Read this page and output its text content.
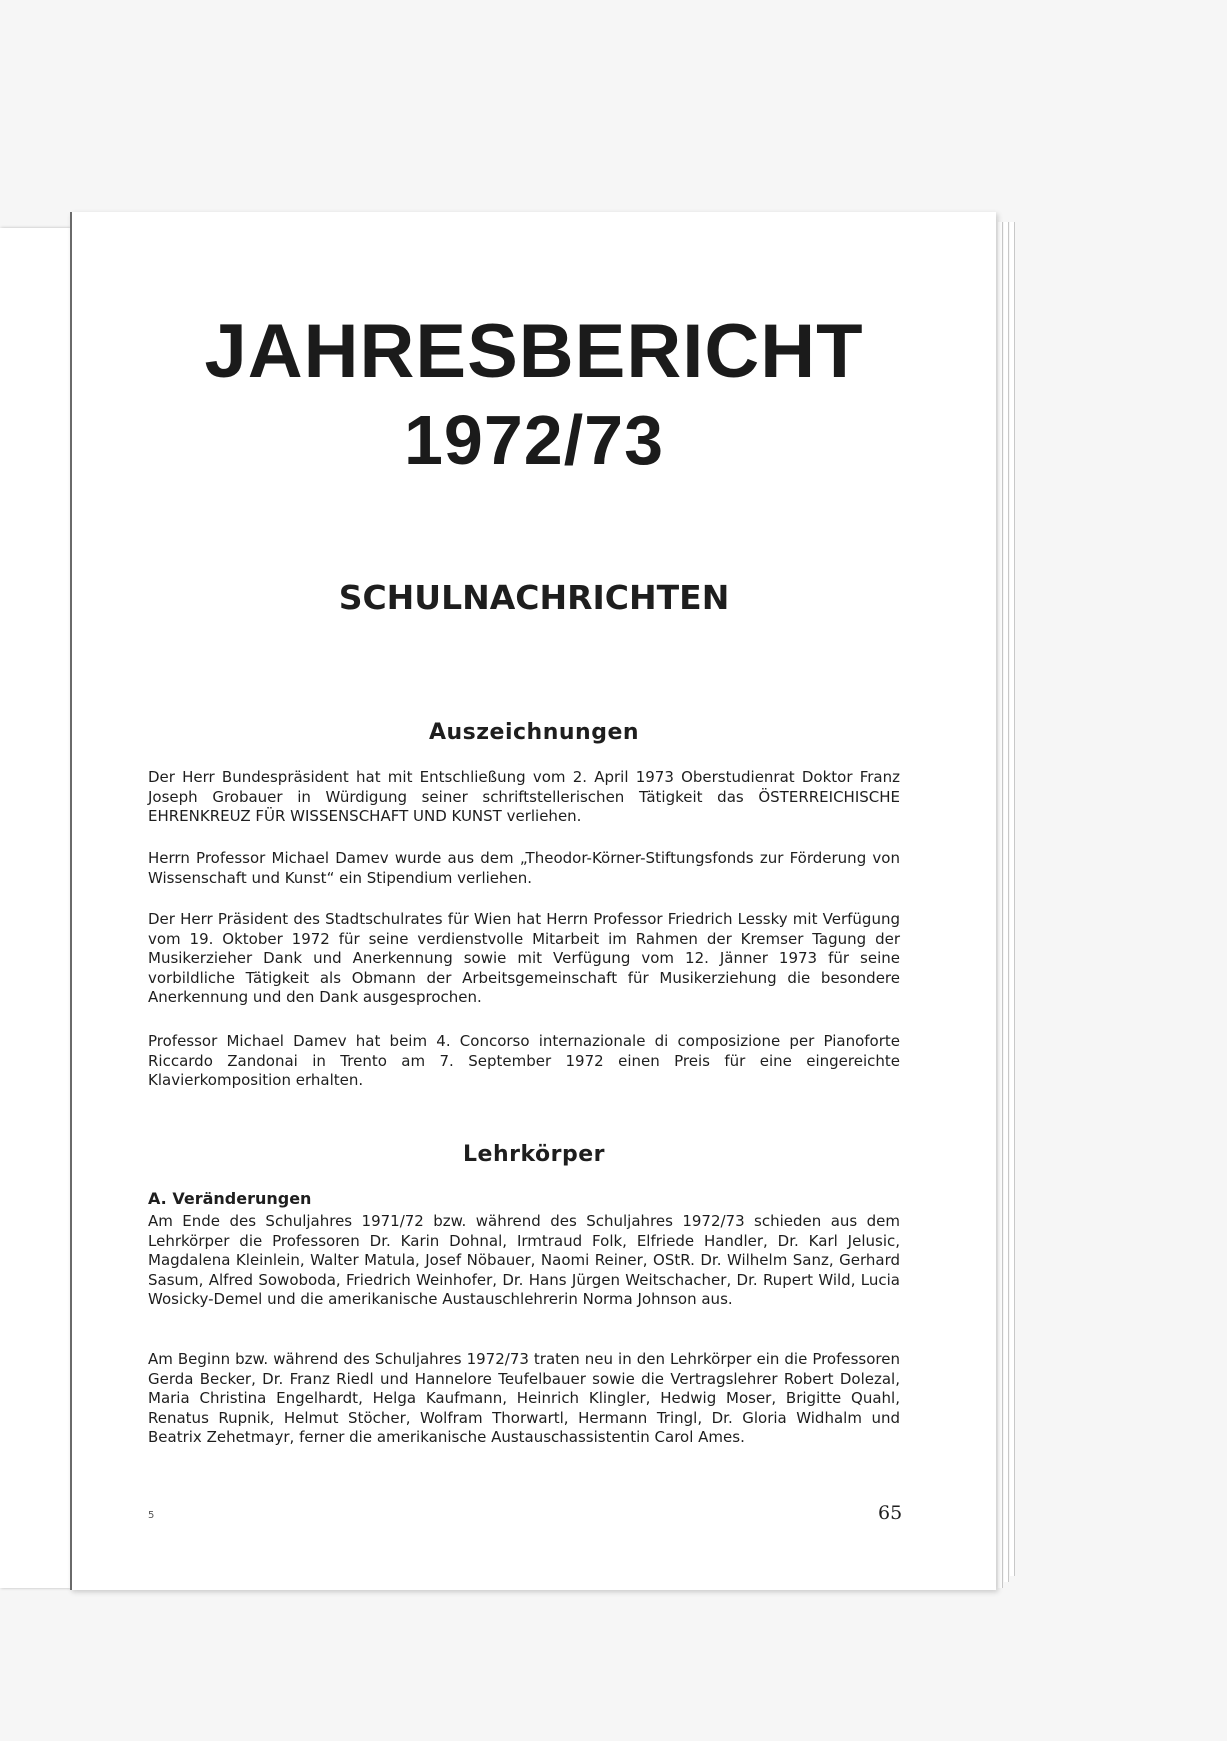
JAHRESBERICHT
1972/73
SCHULNACHRICHTEN
Auszeichnungen

Der Herr Bundespräsident hat mit Entschließung vom 2. April 1973 Oberstudienrat Doktor Franz Joseph Grobauer in Würdigung seiner schriftstellerischen Tätigkeit das ÖSTERREICHISCHE EHRENKREUZ FÜR WISSENSCHAFT UND KUNST verliehen.

Herrn Professor Michael Damev wurde aus dem „Theodor-Körner-Stiftungsfonds zur Förderung von Wissenschaft und Kunst“ ein Stipendium verliehen.

Der Herr Präsident des Stadtschulrates für Wien hat Herrn Professor Friedrich Lessky mit Verfügung vom 19. Oktober 1972 für seine verdienstvolle Mitarbeit im Rahmen der Kremser Tagung der Musikerzieher Dank und Anerkennung sowie mit Verfügung vom 12. Jänner 1973 für seine vorbildliche Tätigkeit als Obmann der Arbeitsgemeinschaft für Musikerziehung die besondere Anerkennung und den Dank ausgesprochen.

Professor Michael Damev hat beim 4. Concorso internazionale di composizione per Pianoforte Riccardo Zandonai in Trento am 7. September 1972 einen Preis für eine eingereichte Klavierkomposition erhalten.

Lehrkörper
A. Veränderungen

Am Ende des Schuljahres 1971/72 bzw. während des Schuljahres 1972/73 schieden aus dem Lehrkörper die Professoren Dr. Karin Dohnal, Irmtraud Folk, Elfriede Handler, Dr. Karl Jelusic, Magdalena Kleinlein, Walter Matula, Josef Nöbauer, Naomi Reiner, OStR. Dr. Wilhelm Sanz, Gerhard Sasum, Alfred Sowoboda, Friedrich Weinhofer, Dr. Hans Jürgen Weitschacher, Dr. Rupert Wild, Lucia Wosicky-Demel und die amerikanische Austauschlehrerin Norma Johnson aus.

Am Beginn bzw. während des Schuljahres 1972/73 traten neu in den Lehrkörper ein die Professoren Gerda Becker, Dr. Franz Riedl und Hannelore Teufelbauer sowie die Vertragslehrer Robert Dolezal, Maria Christina Engelhardt, Helga Kaufmann, Heinrich Klingler, Hedwig Moser, Brigitte Quahl, Renatus Rupnik, Helmut Stöcher, Wolfram Thorwartl, Hermann Tringl, Dr. Gloria Widhalm und Beatrix Zehetmayr, ferner die amerikanische Austauschassistentin Carol Ames.

5	65
